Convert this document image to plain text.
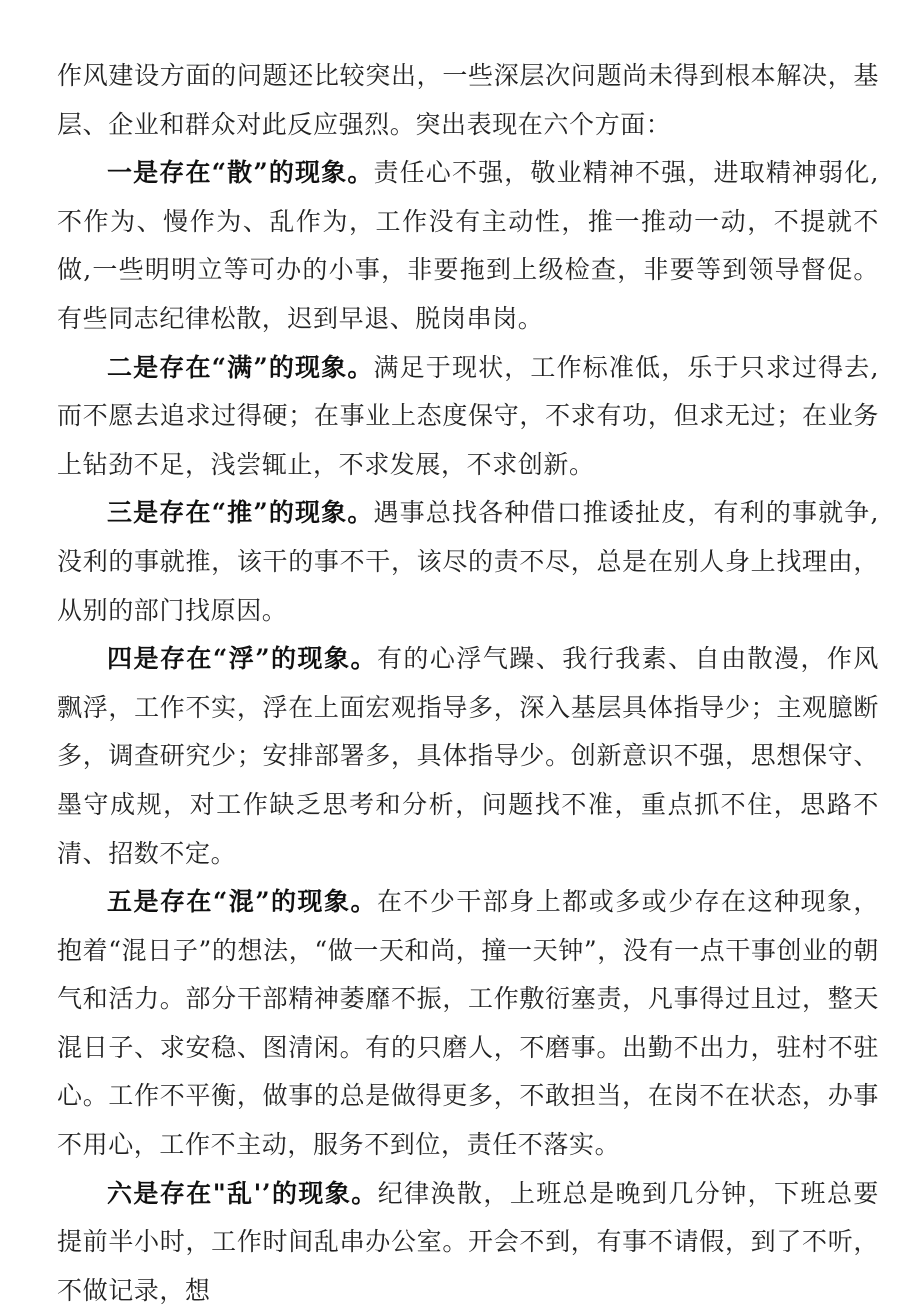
作风建设方面的问题还比较突出，一些深层次问题尚未得到根本解决，基层、企业和群众对此反应强烈。突出表现在六个方面：

一是存在“散”的现象。责任心不强，敬业精神不强，进取精神弱化,不作为、慢作为、乱作为，工作没有主动性，推一推动一动，不提就不做,一些明明立等可办的小事，非要拖到上级检查，非要等到领导督促。有些同志纪律松散，迟到早退、脱岗串岗。

二是存在“满”的现象。满足于现状，工作标准低，乐于只求过得去,而不愿去追求过得硬；在事业上态度保守，不求有功，但求无过；在业务上钻劲不足，浅尝辄止，不求发展，不求创新。

三是存在“推”的现象。遇事总找各种借口推诿扯皮，有利的事就争,没利的事就推，该干的事不干，该尽的责不尽，总是在别人身上找理由，从别的部门找原因。

四是存在“浮”的现象。有的心浮气躁、我行我素、自由散漫，作风飘浮，工作不实，浮在上面宏观指导多，深入基层具体指导少；主观臆断多，调查研究少；安排部署多，具体指导少。创新意识不强，思想保守、墨守成规，对工作缺乏思考和分析，问题找不准，重点抓不住，思路不清、招数不定。

五是存在“混”的现象。在不少干部身上都或多或少存在这种现象，抱着“混日子”的想法，“做一天和尚，撞一天钟”，没有一点干事创业的朝气和活力。部分干部精神萎靡不振，工作敷衍塞责，凡事得过且过，整天混日子、求安稳、图清闲。有的只磨人，不磨事。出勤不出力，驻村不驻心。工作不平衡，做事的总是做得更多，不敢担当，在岗不在状态，办事不用心，工作不主动，服务不到位，责任不落实。

六是存在"乱'’的现象。纪律涣散，上班总是晚到几分钟，下班总要提前半小时，工作时间乱串办公室。开会不到，有事不请假，到了不听，不做记录，想
